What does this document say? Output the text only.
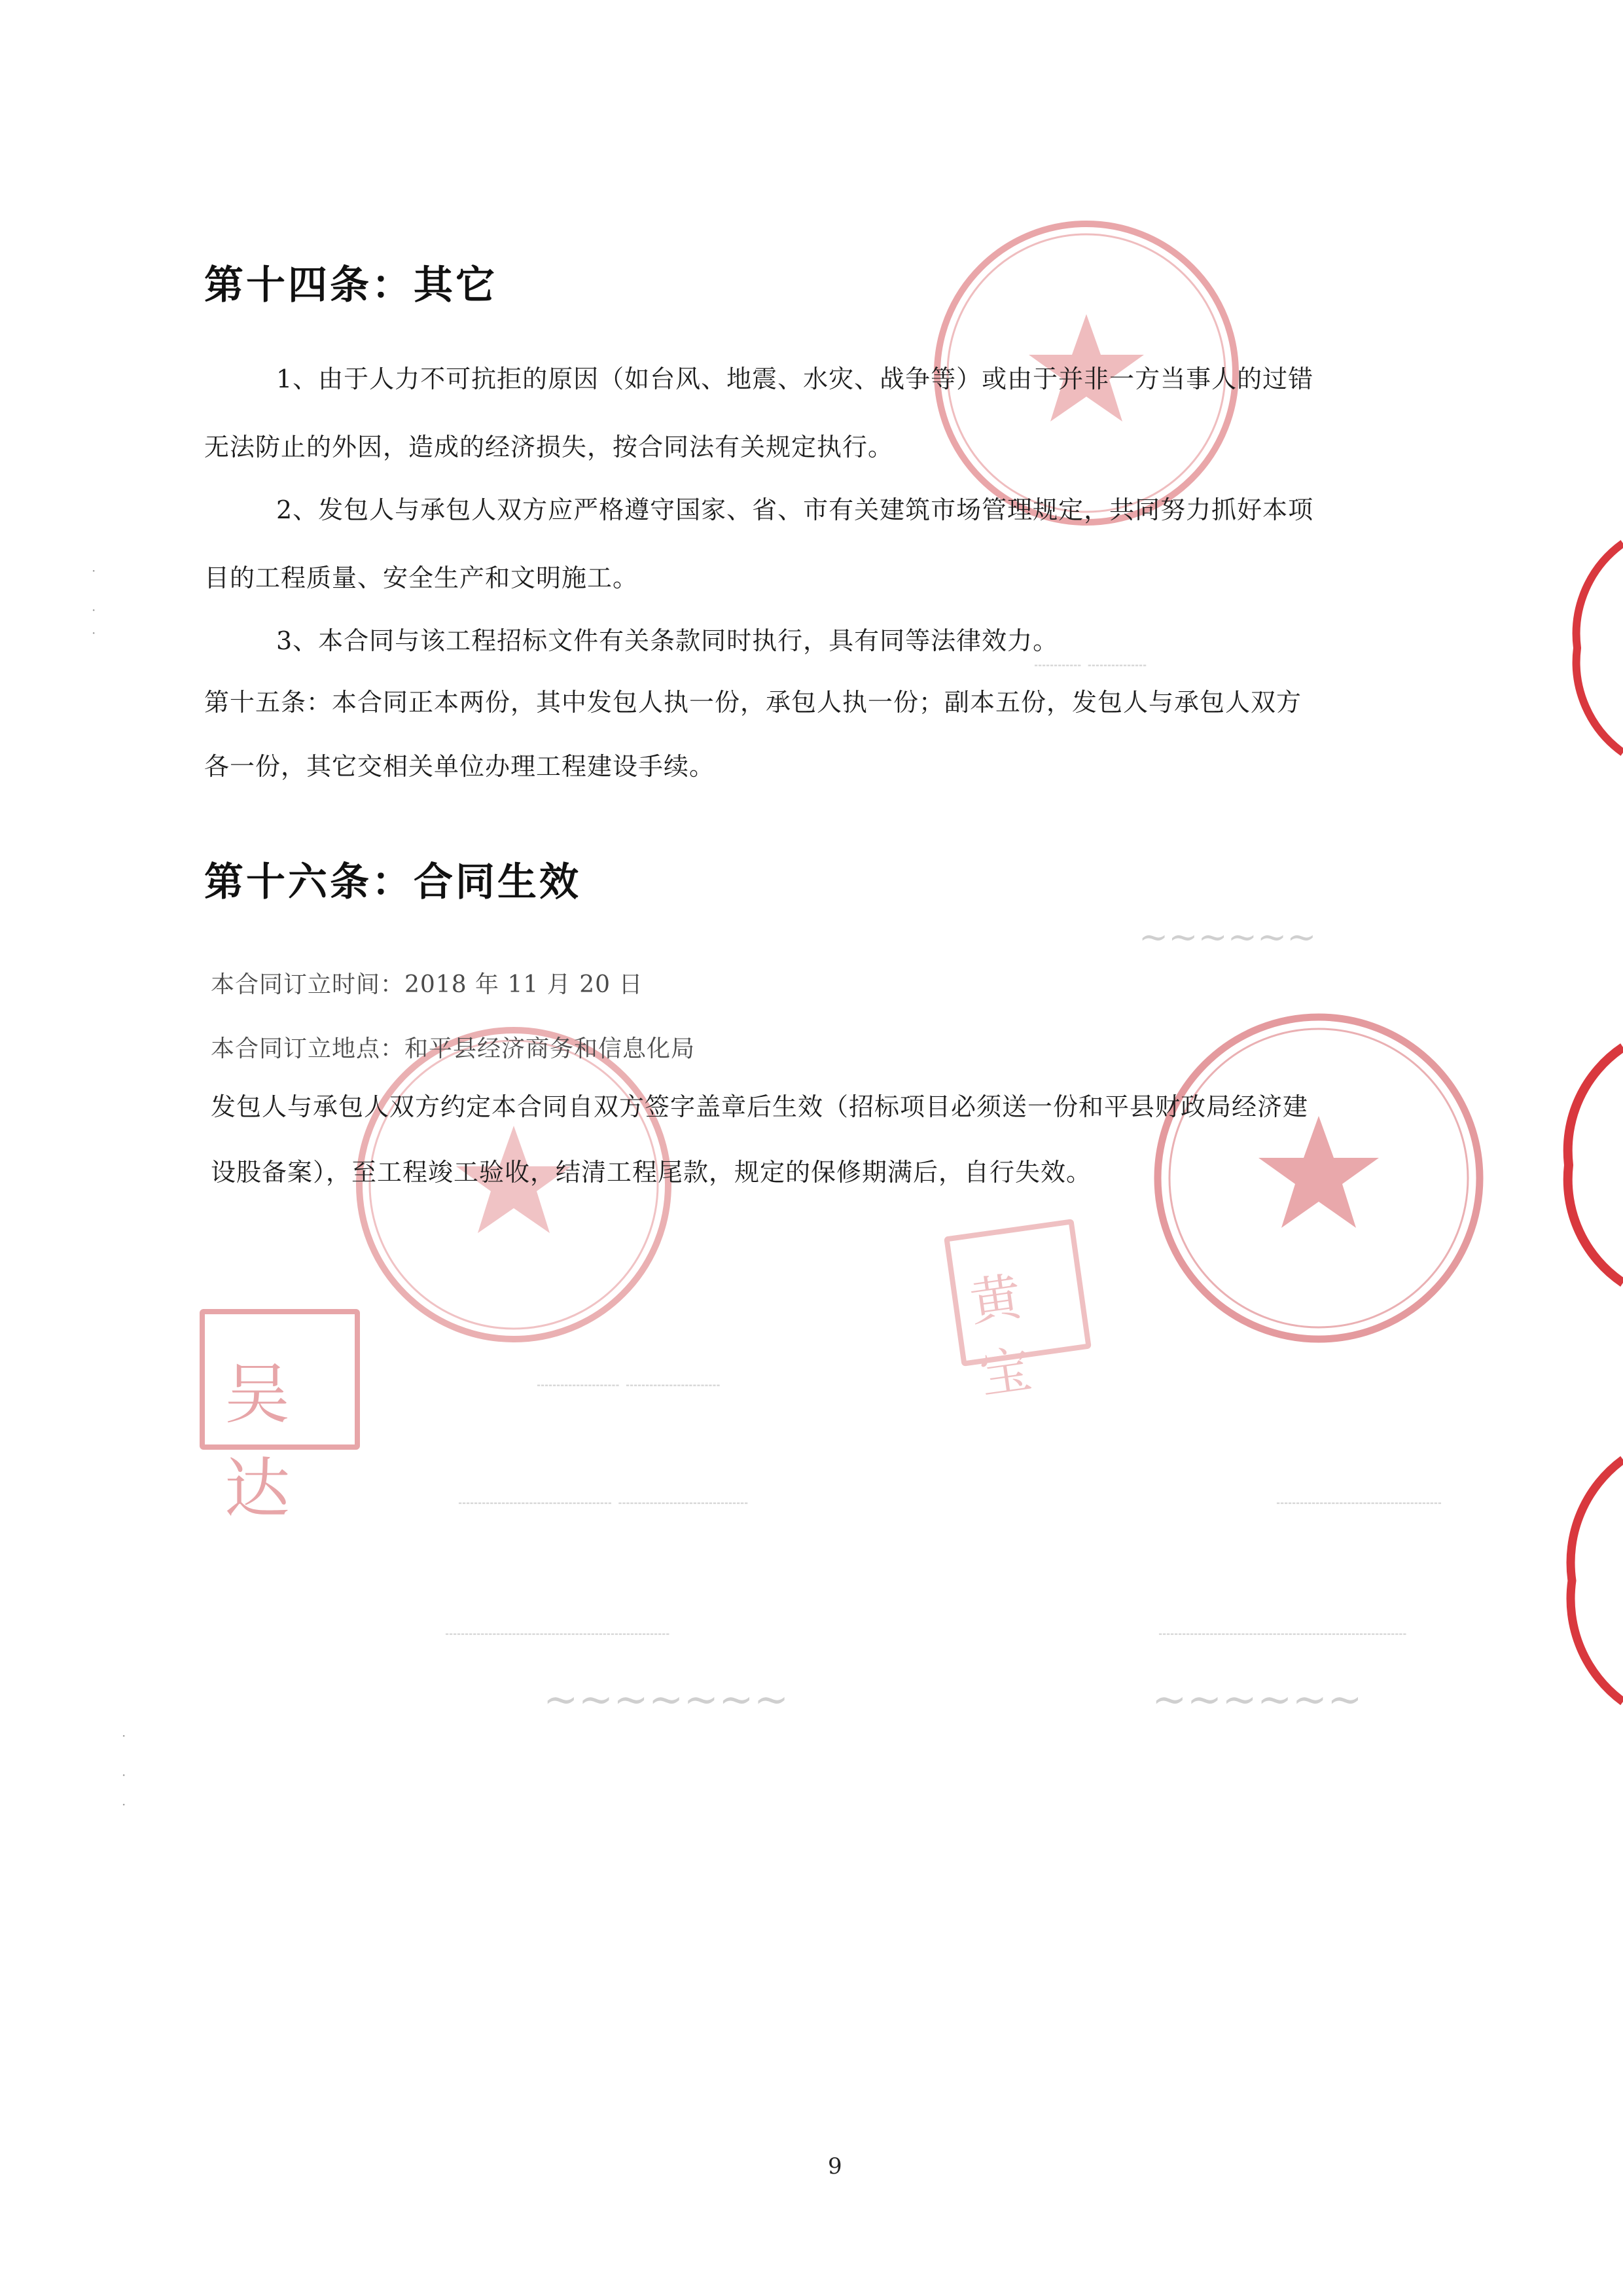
吴达
黄宝
┄┄┄┄ ┄┄┄┄┄
┄┄┄┄┄┄┄ ┄┄┄┄┄┄┄┄
┄┄┄┄┄┄┄┄┄┄┄┄┄ ┄┄┄┄┄┄┄┄┄┄┄	┄┄┄┄┄┄┄┄┄┄┄┄┄┄
┄┄┄┄┄┄┄┄┄┄┄┄┄┄┄┄┄┄┄	┄┄┄┄┄┄┄┄┄┄┄┄┄┄┄┄┄┄┄┄┄
~~~~~~~	~~~~~~
~~~~~~
·
·
·
·
·
·
第十四条：其它
1、由于人力不可抗拒的原因（如台风、地震、水灾、战争等）或由于并非一方当事人的过错
无法防止的外因，造成的经济损失，按合同法有关规定执行。
2、发包人与承包人双方应严格遵守国家、省、市有关建筑市场管理规定，共同努力抓好本项
目的工程质量、安全生产和文明施工。
3、本合同与该工程招标文件有关条款同时执行，具有同等法律效力。
第十五条：本合同正本两份，其中发包人执一份，承包人执一份；副本五份，发包人与承包人双方
各一份，其它交相关单位办理工程建设手续。
第十六条：合同生效
本合同订立时间：2018 年 11 月 20 日
本合同订立地点：和平县经济商务和信息化局
发包人与承包人双方约定本合同自双方签字盖章后生效（招标项目必须送一份和平县财政局经济建
设股备案），至工程竣工验收，结清工程尾款，规定的保修期满后，自行失效。
9
